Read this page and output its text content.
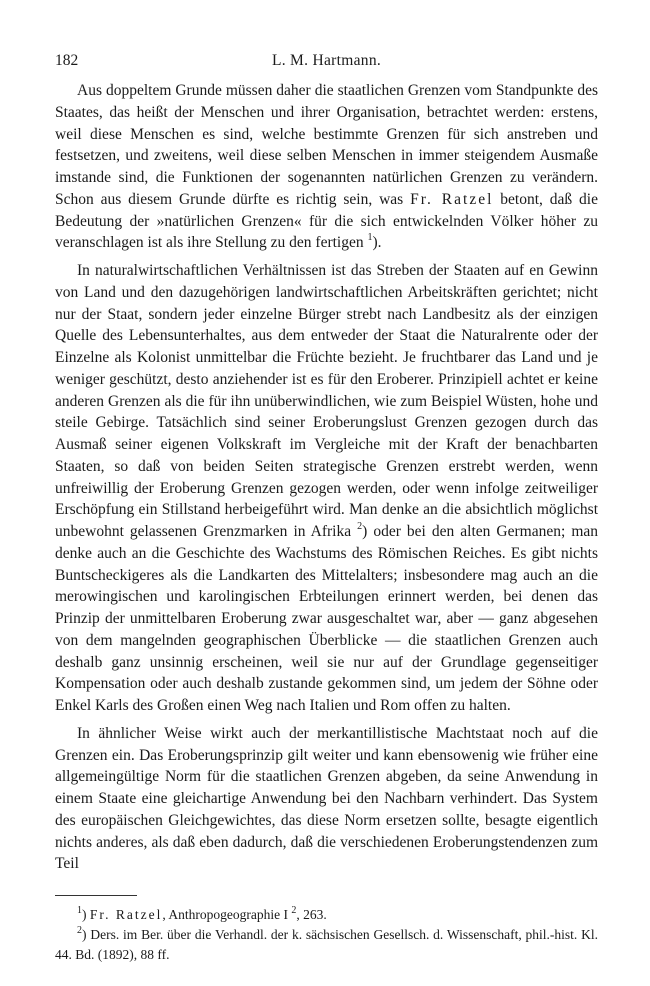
182	L. M. Hartmann.

Aus doppeltem Grunde müssen daher die staatlichen Grenzen vom Standpunkte des Staates, das heißt der Menschen und ihrer Organisation, betrachtet werden: erstens, weil diese Menschen es sind, welche bestimmte Grenzen für sich anstreben und festsetzen, und zweitens, weil diese selben Menschen in immer steigendem Ausmaße imstande sind, die Funktionen der sogenannten natürlichen Grenzen zu verändern. Schon aus diesem Grunde dürfte es richtig sein, was Fr. Ratzel betont, daß die Bedeutung der »natürlichen Grenzen« für die sich entwickelnden Völker höher zu veranschlagen ist als ihre Stellung zu den fertigen $^1$).

In naturalwirtschaftlichen Verhältnissen ist das Streben der Staaten auf en Gewinn von Land und den dazugehörigen landwirtschaftlichen Arbeitskräften gerichtet; nicht nur der Staat, sondern jeder einzelne Bürger strebt nach Landbesitz als der einzigen Quelle des Lebensunterhaltes, aus dem entweder der Staat die Naturalrente oder der Einzelne als Kolonist unmittelbar die Früchte bezieht. Je fruchtbarer das Land und je weniger geschützt, desto anziehender ist es für den Eroberer. Prinzipiell achtet er keine anderen Grenzen als die für ihn unüberwindlichen, wie zum Beispiel Wüsten, hohe und steile Gebirge. Tatsächlich sind seiner Eroberungslust Grenzen gezogen durch das Ausmaß seiner eigenen Volkskraft im Vergleiche mit der Kraft der benachbarten Staaten, so daß von beiden Seiten strategische Grenzen erstrebt werden, wenn unfreiwillig der Eroberung Grenzen gezogen werden, oder wenn infolge zeitweiliger Erschöpfung ein Stillstand herbeigeführt wird. Man denke an die absichtlich möglichst unbewohnt gelassenen Grenzmarken in Afrika $^2$) oder bei den alten Germanen; man denke auch an die Geschichte des Wachstums des Römischen Reiches. Es gibt nichts Buntscheckigeres als die Landkarten des Mittelalters; insbesondere mag auch an die merowingischen und karolingischen Erbteilungen erinnert werden, bei denen das Prinzip der unmittelbaren Eroberung zwar ausgeschaltet war, aber — ganz abgesehen von dem mangelnden geographischen Überblicke — die staatlichen Grenzen auch deshalb ganz unsinnig erscheinen, weil sie nur auf der Grundlage gegenseitiger Kompensation oder auch deshalb zustande gekommen sind, um jedem der Söhne oder Enkel Karls des Großen einen Weg nach Italien und Rom offen zu halten.

In ähnlicher Weise wirkt auch der merkantillistische Machtstaat noch auf die Grenzen ein. Das Eroberungsprinzip gilt weiter und kann ebensowenig wie früher eine allgemeingültige Norm für die staatlichen Grenzen abgeben, da seine Anwendung in einem Staate eine gleichartige Anwendung bei den Nachbarn verhindert. Das System des europäischen Gleichgewichtes, das diese Norm ersetzen sollte, besagte eigentlich nichts anderes, als daß eben dadurch, daß die verschiedenen Eroberungstendenzen zum Teil

$^1$) Fr. Ratzel, Anthropogeographie I $^2$, 263.

$^2$) Ders. im Ber. über die Verhandl. der k. sächsischen Gesellsch. d. Wissenschaft, phil.-hist. Kl. 44. Bd. (1892), 88 ff.
